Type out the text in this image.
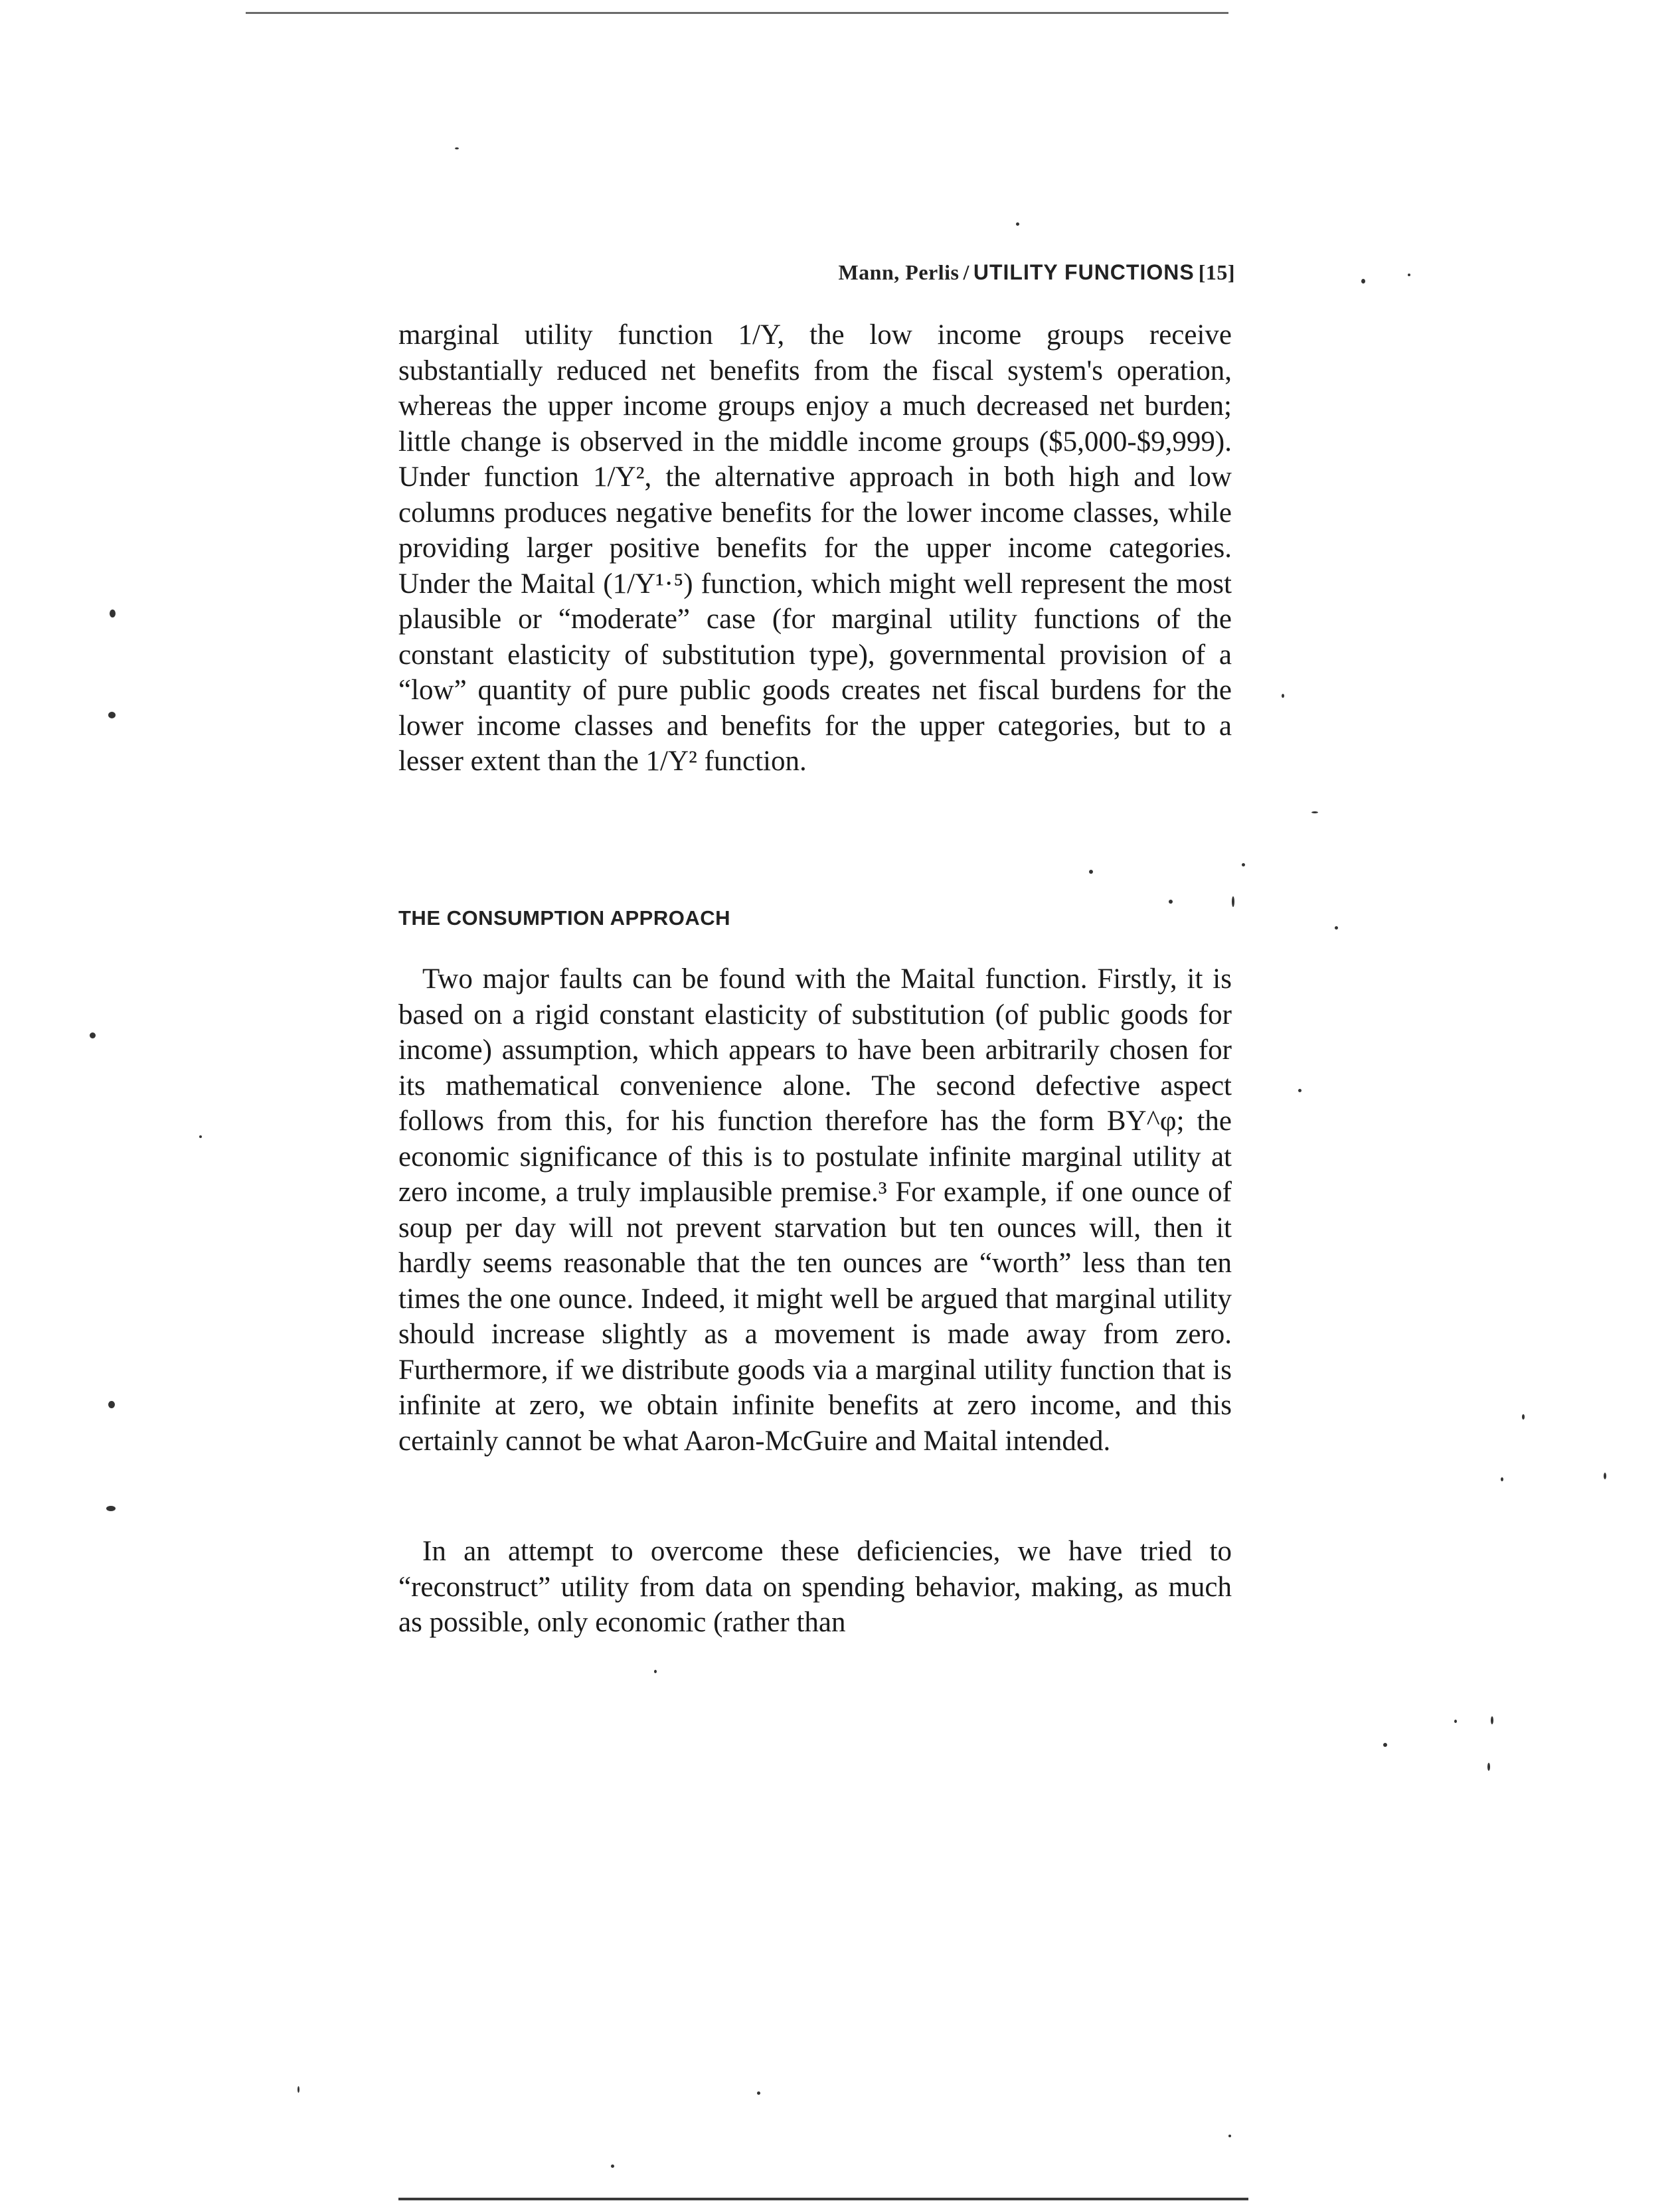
Mann, Perlis / UTILITY FUNCTIONS [15]

marginal utility function 1/Y, the low income groups receive substantially reduced net benefits from the fiscal system's operation, whereas the upper income groups enjoy a much decreased net burden; little change is observed in the middle income groups ($5,000-$9,999). Under function 1/Y², the alternative approach in both high and low columns produces negative benefits for the lower income classes, while providing larger positive benefits for the upper income categories. Under the Maital (1/Y¹·⁵) function, which might well represent the most plausible or “moderate” case (for marginal utility functions of the constant elasticity of substitution type), governmental provision of a “low” quantity of pure public goods creates net fiscal burdens for the lower income classes and benefits for the upper categories, but to a lesser extent than the 1/Y² function.

THE CONSUMPTION APPROACH

Two major faults can be found with the Maital function. Firstly, it is based on a rigid constant elasticity of substitution (of public goods for income) assumption, which appears to have been arbitrarily chosen for its mathematical convenience alone. The second defective aspect follows from this, for his function therefore has the form BY^φ; the economic significance of this is to postulate infinite marginal utility at zero income, a truly implausible premise.³ For example, if one ounce of soup per day will not prevent starvation but ten ounces will, then it hardly seems reasonable that the ten ounces are “worth” less than ten times the one ounce. Indeed, it might well be argued that marginal utility should increase slightly as a movement is made away from zero. Furthermore, if we distribute goods via a marginal utility function that is infinite at zero, we obtain infinite benefits at zero income, and this certainly cannot be what Aaron-McGuire and Maital intended.

In an attempt to overcome these deficiencies, we have tried to “reconstruct” utility from data on spending behavior, making, as much as possible, only economic (rather than
